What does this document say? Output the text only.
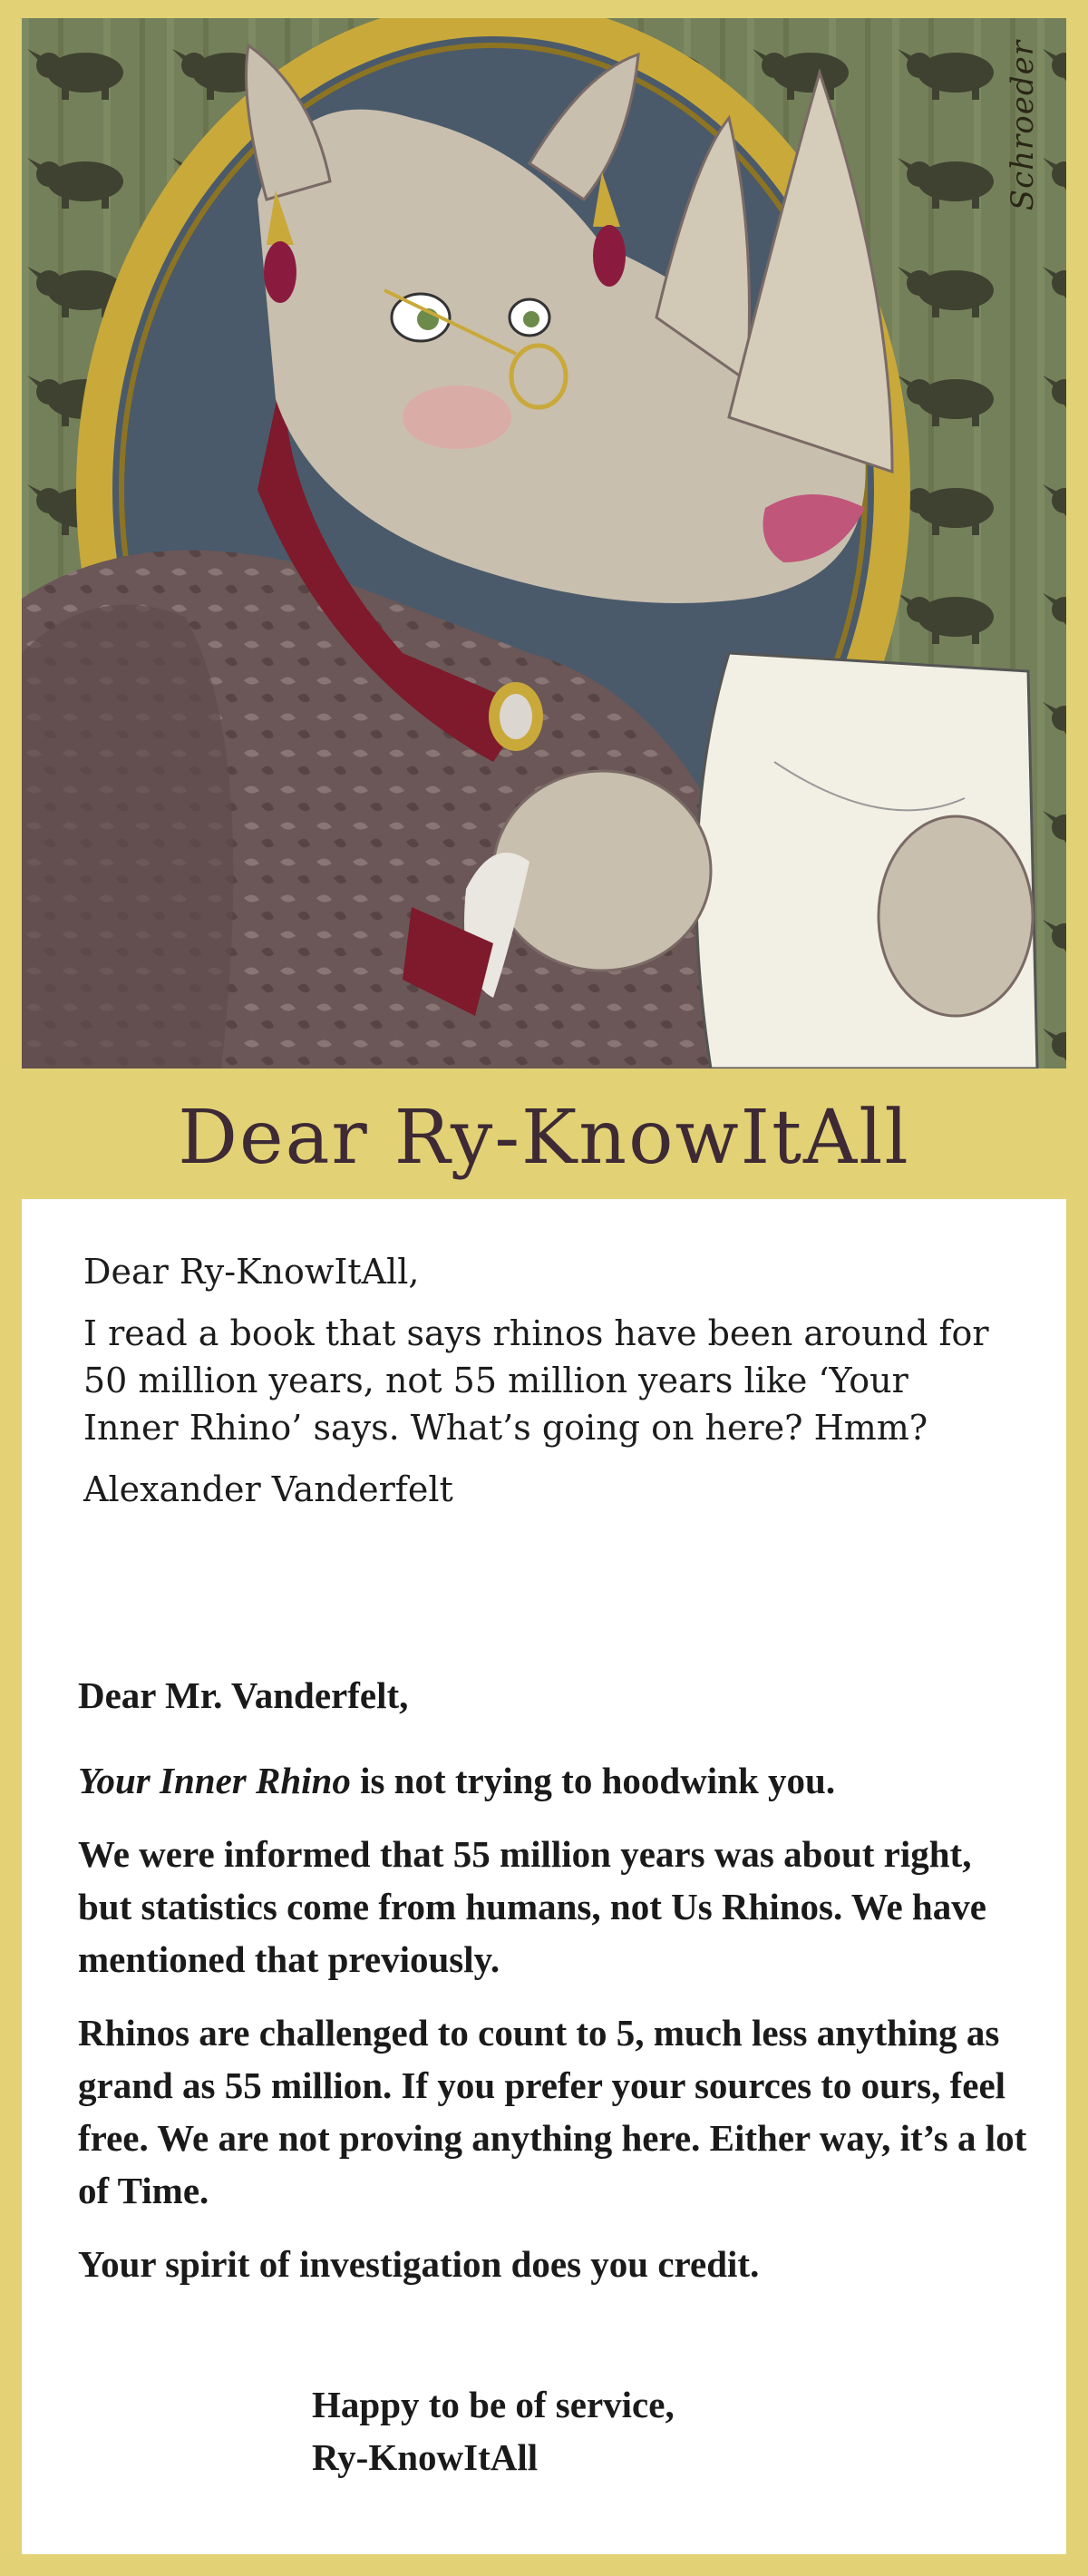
Schroeder
Dear Ry-KnowItAll

Dear Ry-KnowItAll,

I read a book that says rhinos have been around for 50 million years, not 55 million years like ‘Your Inner Rhino’ says. What’s going on here? Hmm?

Alexander Vanderfelt

Dear Mr. Vanderfelt,

Your Inner Rhino is not trying to hoodwink you.

We were informed that 55 million years was about right, but statistics come from humans, not Us Rhinos. We have mentioned that previously.

Rhinos are challenged to count to 5, much less anything as grand as 55 million. If you prefer your sources to ours, feel free. We are not proving anything here. Either way, it’s a lot of Time.

Your spirit of investigation does you credit.

Happy to be of service,
Ry-KnowItAll
